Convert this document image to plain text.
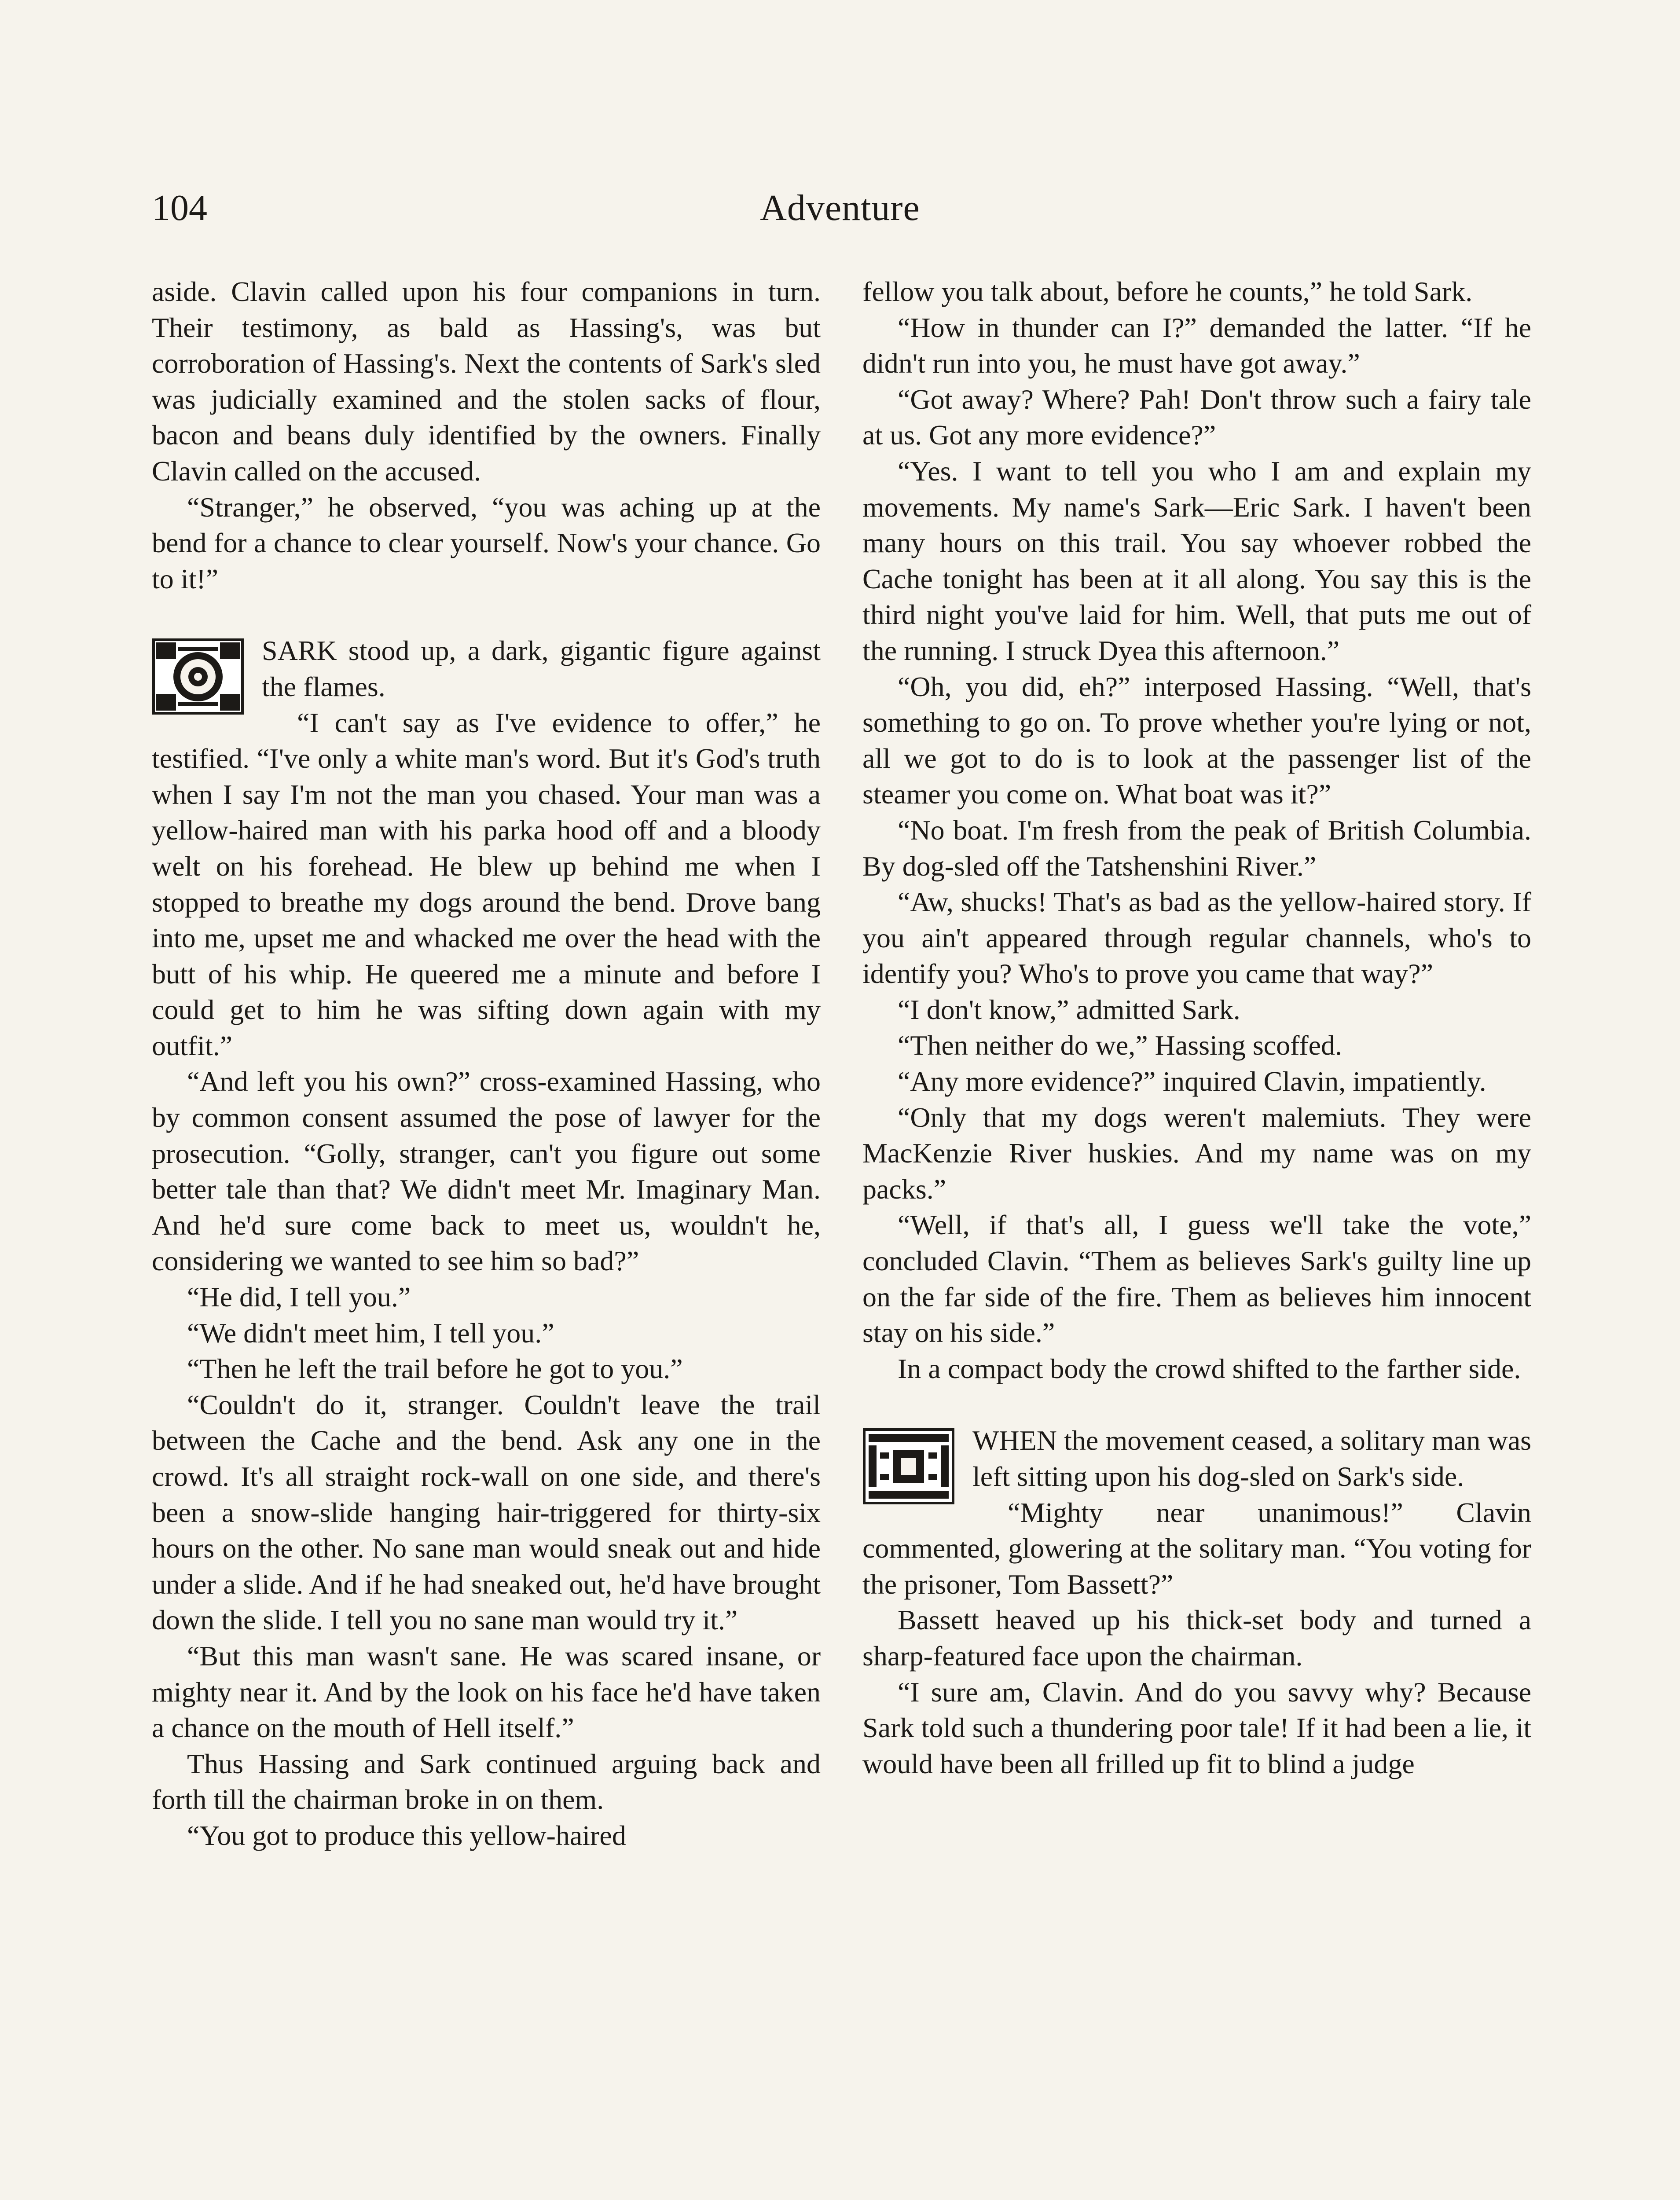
104	Adventure

aside. Clavin called upon his four companions in turn. Their testimony, as bald as Hassing's, was but corroboration of Hassing's. Next the contents of Sark's sled was judicially examined and the stolen sacks of flour, bacon and beans duly identified by the owners. Finally Clavin called on the accused.

“Stranger,” he observed, “you was aching up at the bend for a chance to clear yourself. Now's your chance. Go to it!”

SARK stood up, a dark, gigantic figure against the flames.

“I can't say as I've evidence to offer,” he testified. “I've only a white man's word. But it's God's truth when I say I'm not the man you chased. Your man was a yellow-haired man with his parka hood off and a bloody welt on his forehead. He blew up behind me when I stopped to breathe my dogs around the bend. Drove bang into me, upset me and whacked me over the head with the butt of his whip. He queered me a minute and before I could get to him he was sifting down again with my outfit.”

“And left you his own?” cross-examined Hassing, who by common consent assumed the pose of lawyer for the prosecution. “Golly, stranger, can't you figure out some better tale than that? We didn't meet Mr. Imaginary Man. And he'd sure come back to meet us, wouldn't he, considering we wanted to see him so bad?”

“He did, I tell you.”

“We didn't meet him, I tell you.”

“Then he left the trail before he got to you.”

“Couldn't do it, stranger. Couldn't leave the trail between the Cache and the bend. Ask any one in the crowd. It's all straight rock-wall on one side, and there's been a snow-slide hanging hair-triggered for thirty-six hours on the other. No sane man would sneak out and hide under a slide. And if he had sneaked out, he'd have brought down the slide. I tell you no sane man would try it.”

“But this man wasn't sane. He was scared insane, or mighty near it. And by the look on his face he'd have taken a chance on the mouth of Hell itself.”

Thus Hassing and Sark continued arguing back and forth till the chairman broke in on them.

“You got to produce this yellow-haired

fellow you talk about, before he counts,” he told Sark.

“How in thunder can I?” demanded the latter. “If he didn't run into you, he must have got away.”

“Got away? Where? Pah! Don't throw such a fairy tale at us. Got any more evidence?”

“Yes. I want to tell you who I am and explain my movements. My name's Sark—Eric Sark. I haven't been many hours on this trail. You say whoever robbed the Cache tonight has been at it all along. You say this is the third night you've laid for him. Well, that puts me out of the running. I struck Dyea this afternoon.”

“Oh, you did, eh?” interposed Hassing. “Well, that's something to go on. To prove whether you're lying or not, all we got to do is to look at the passenger list of the steamer you come on. What boat was it?”

“No boat. I'm fresh from the peak of British Columbia. By dog-sled off the Tatshenshini River.”

“Aw, shucks! That's as bad as the yellow-haired story. If you ain't appeared through regular channels, who's to identify you? Who's to prove you came that way?”

“I don't know,” admitted Sark.

“Then neither do we,” Hassing scoffed.

“Any more evidence?” inquired Clavin, impatiently.

“Only that my dogs weren't malemiuts. They were MacKenzie River huskies. And my name was on my packs.”

“Well, if that's all, I guess we'll take the vote,” concluded Clavin. “Them as believes Sark's guilty line up on the far side of the fire. Them as believes him innocent stay on his side.”

In a compact body the crowd shifted to the farther side.

WHEN the movement ceased, a solitary man was left sitting upon his dog-sled on Sark's side.

“Mighty near unanimous!” Clavin commented, glowering at the solitary man. “You voting for the prisoner, Tom Bassett?”

Bassett heaved up his thick-set body and turned a sharp-featured face upon the chairman.

“I sure am, Clavin. And do you savvy why? Because Sark told such a thundering poor tale! If it had been a lie, it would have been all frilled up fit to blind a judge
